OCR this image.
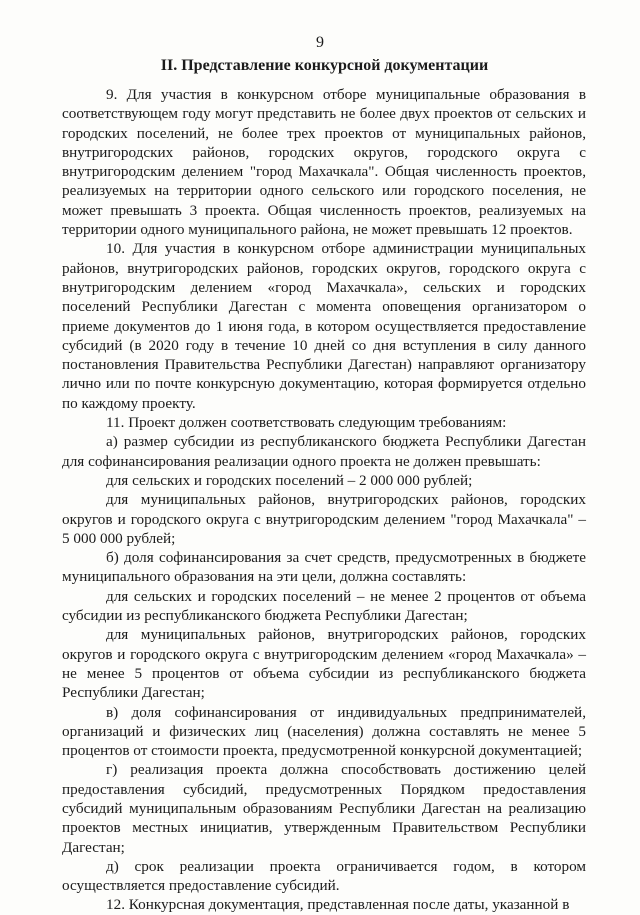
9
II. Представление конкурсной документации

9. Для участия в конкурсном отборе муниципальные образования в соответствующем году могут представить не более двух проектов от сельских и городских поселений, не более трех проектов от муниципальных районов, внутригородских районов, городских округов, городского округа с внутригородским делением "город Махачкала". Общая численность проектов, реализуемых на территории одного сельского или городского поселения, не может превышать 3 проекта. Общая численность проектов, реализуемых на территории одного муниципального района, не может превышать 12 проектов.

10. Для участия в конкурсном отборе администрации муниципальных районов, внутригородских районов, городских округов, городского округа с внутригородским делением «город Махачкала», сельских и городских поселений Республики Дагестан с момента оповещения организатором о приеме документов до 1 июня года, в котором осуществляется предоставление субсидий (в 2020 году в течение 10 дней со дня вступления в силу данного постановления Правительства Республики Дагестан) направляют организатору лично или по почте конкурсную документацию, которая формируется отдельно по каждому проекту.

11. Проект должен соответствовать следующим требованиям:

а) размер субсидии из республиканского бюджета Республики Дагестан для софинансирования реализации одного проекта не должен превышать:

для сельских и городских поселений – 2 000 000 рублей;

для муниципальных районов, внутригородских районов, городских округов и городского округа с внутригородским делением "город Махачкала" – 5 000 000 рублей;

б) доля софинансирования за счет средств, предусмотренных в бюджете муниципального образования на эти цели, должна составлять:

для сельских и городских поселений – не менее 2 процентов от объема субсидии из республиканского бюджета Республики Дагестан;

для муниципальных районов, внутригородских районов, городских округов и городского округа с внутригородским делением «город Махачкала» – не менее 5 процентов от объема субсидии из республиканского бюджета Республики Дагестан;

в) доля софинансирования от индивидуальных предпринимателей, организаций и физических лиц (населения) должна составлять не менее 5 процентов от стоимости проекта, предусмотренной конкурсной документацией;

г) реализация проекта должна способствовать достижению целей предоставления субсидий, предусмотренных Порядком предоставления субсидий муниципальным образованиям Республики Дагестан на реализацию проектов местных инициатив, утвержденным Правительством Республики Дагестан;

д) срок реализации проекта ограничивается годом, в котором осуществляется предоставление субсидий.

12. Конкурсная документация, представленная после даты, указанной в
